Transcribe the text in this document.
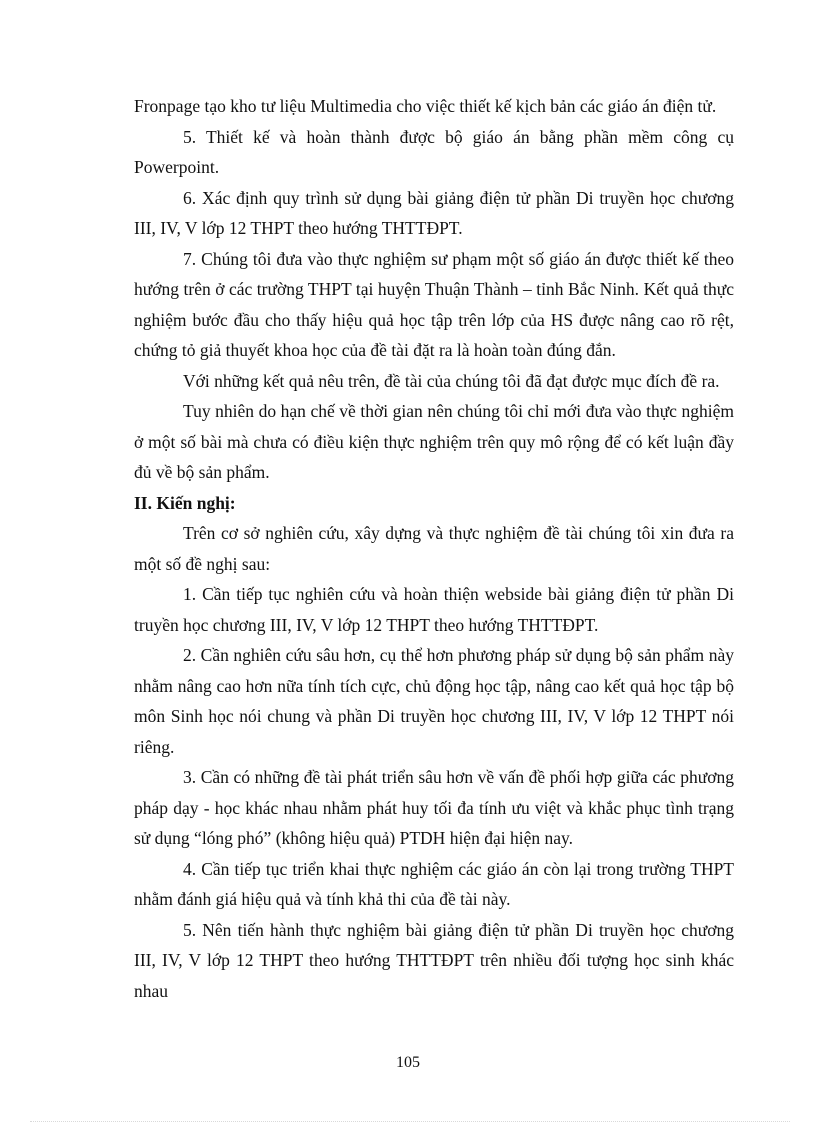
Fronpage tạo kho tư liệu Multimedia cho việc thiết kế kịch bản các giáo án điện tử.

5. Thiết kế và hoàn thành được bộ giáo án bằng phần mềm công cụ Powerpoint.

6. Xác định quy trình sử dụng bài giảng điện tử phần Di truyền học chương III, IV, V lớp 12 THPT theo hướng THTTĐPT.

7. Chúng tôi đưa vào thực nghiệm sư phạm một số giáo án được thiết kế theo hướng trên ở các trường THPT tại huyện Thuận Thành – tỉnh Bắc Ninh. Kết quả thực nghiệm bước đầu cho thấy hiệu quả học tập trên lớp của HS được nâng cao rõ rệt, chứng tỏ giả thuyết khoa học của đề tài đặt ra là hoàn toàn đúng đắn.

Với những kết quả nêu trên, đề tài của chúng tôi đã đạt được mục đích đề ra.

Tuy nhiên do hạn chế về thời gian nên chúng tôi chỉ mới đưa vào thực nghiệm ở một số bài mà chưa có điều kiện thực nghiệm trên quy mô rộng để có kết luận đầy đủ về bộ sản phẩm.

II. Kiến nghị:

Trên cơ sở nghiên cứu, xây dựng và thực nghiệm đề tài chúng tôi xin đưa ra một số đề nghị sau:

1. Cần tiếp tục nghiên cứu và hoàn thiện webside bài giảng điện tử phần Di truyền học chương III, IV, V lớp 12 THPT theo hướng THTTĐPT.

2. Cần nghiên cứu sâu hơn, cụ thể hơn phương pháp sử dụng bộ sản phẩm này nhằm nâng cao hơn nữa tính tích cực, chủ động học tập, nâng cao kết quả học tập bộ môn Sinh học nói chung và phần Di truyền học chương III, IV, V lớp 12 THPT nói riêng.

3. Cần có những đề tài phát triển sâu hơn về vấn đề phối hợp giữa các phương pháp dạy - học khác nhau nhằm phát huy tối đa tính ưu việt và khắc phục tình trạng sử dụng “lóng phó” (không hiệu quả) PTDH hiện đại hiện nay.

4. Cần tiếp tục triển khai thực nghiệm các giáo án còn lại trong trường THPT nhằm đánh giá hiệu quả và tính khả thi của đề tài này.

5. Nên tiến hành thực nghiệm bài giảng điện tử phần Di truyền học chương III, IV, V lớp 12 THPT theo hướng THTTĐPT trên nhiều đối tượng học sinh khác nhau

105
